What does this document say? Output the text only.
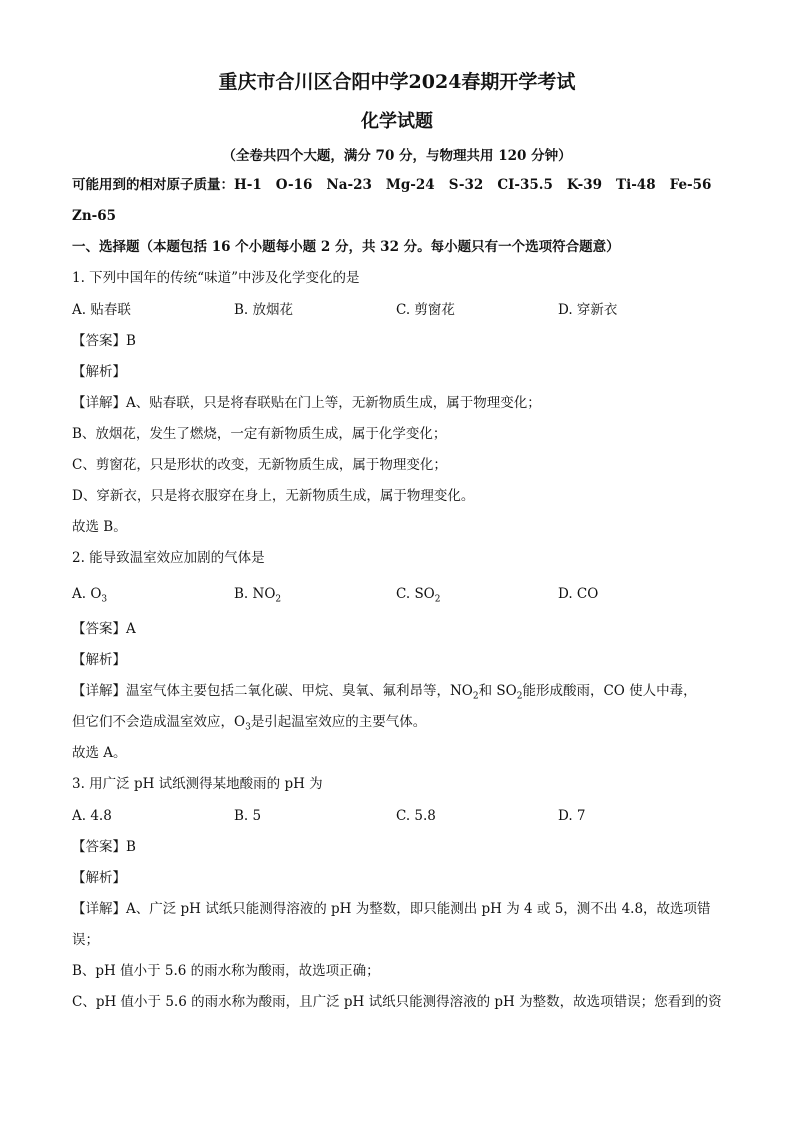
重庆市合川区合阳中学2024春期开学考试
化学试题
（全卷共四个大题，满分 70 分，与物理共用 120 分钟）
可能用到的相对原子质量：H-1 O-16 Na-23 Mg-24 S-32 CI-35.5 K-39 Ti-48 Fe-56
Zn-65
一、选择题（本题包括 16 个小题每小题 2 分，共 32 分。每小题只有一个选项符合题意）
1. 下列中国年的传统“味道”中涉及化学变化的是
A. 贴春联	B. 放烟花	C. 剪窗花	D. 穿新衣
【答案】B
【解析】
【详解】A、贴春联，只是将春联贴在门上等，无新物质生成，属于物理变化；
B、放烟花，发生了燃烧，一定有新物质生成，属于化学变化；
C、剪窗花，只是形状的改变，无新物质生成，属于物理变化；
D、穿新衣，只是将衣服穿在身上，无新物质生成，属于物理变化。
故选 B。
2. 能导致温室效应加剧的气体是
A. $O_3$	B. $NO_2$	C. $SO_2$	D. CO
【答案】A
【解析】
【详解】温室气体主要包括二氧化碳、甲烷、臭氧、氟利昂等，$NO_2$和 $SO_2$能形成酸雨，CO 使人中毒，
但它们不会造成温室效应，$O_3$是引起温室效应的主要气体。
故选 A。
3. 用广泛 pH 试纸测得某地酸雨的 pH 为
A. 4.8	B. 5	C. 5.8	D. 7
【答案】B
【解析】
【详解】A、广泛 pH 试纸只能测得溶液的 pH 为整数，即只能测出 pH 为 4 或 5，测不出 4.8，故选项错
误；
B、pH 值小于 5.6 的雨水称为酸雨，故选项正确；
C、pH 值小于 5.6 的雨水称为酸雨，且广泛 pH 试纸只能测得溶液的 pH 为整数，故选项错误；您看到的资
